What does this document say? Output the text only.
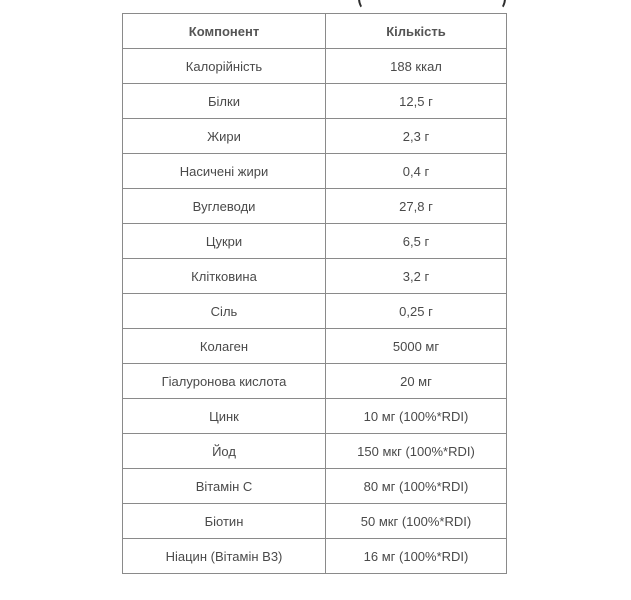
Компонент	Кількість
Калорійність	188 ккал
Білки	12,5 г
Жири	2,3 г
Насичені жири	0,4 г
Вуглеводи	27,8 г
Цукри	6,5 г
Клітковина	3,2 г
Сіль	0,25 г
Колаген	5000 мг
Гіалуронова кислота	20 мг
Цинк	10 мг (100%*RDI)
Йод	150 мкг (100%*RDI)
Вітамін С	80 мг (100%*RDI)
Біотин	50 мкг (100%*RDI)
Ніацин (Вітамін В3)	16 мг (100%*RDI)
